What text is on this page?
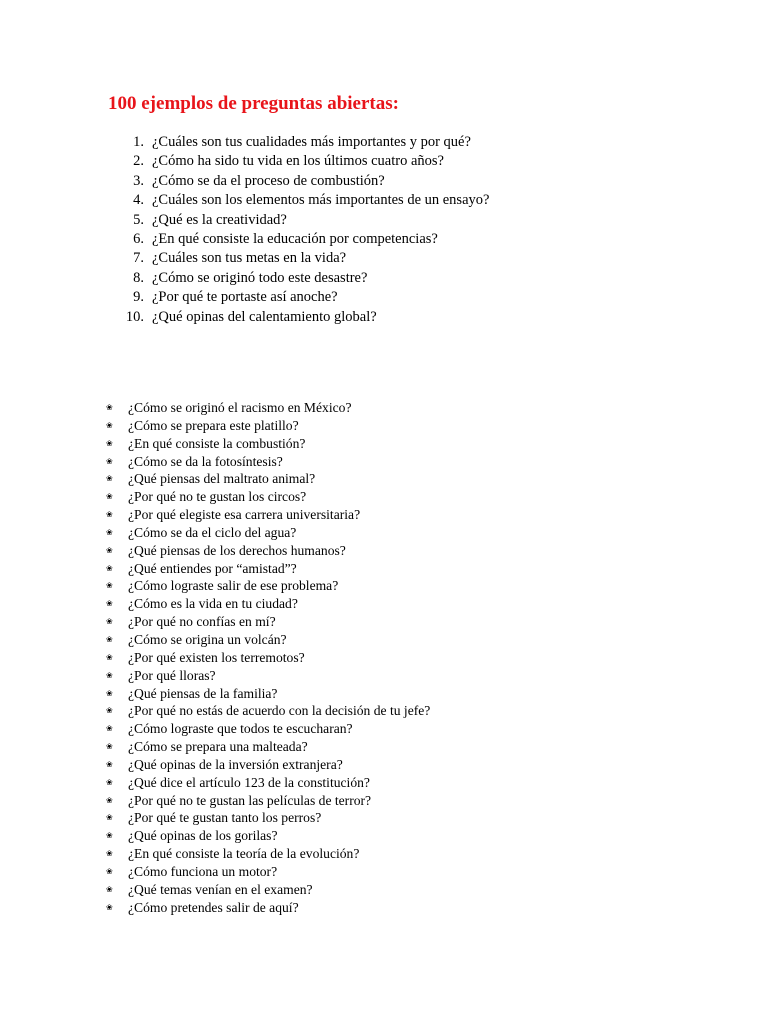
100 ejemplos de preguntas abiertas:
1. ¿Cuáles son tus cualidades más importantes y por qué?
2. ¿Cómo ha sido tu vida en los últimos cuatro años?
3. ¿Cómo se da el proceso de combustión?
4. ¿Cuáles son los elementos más importantes de un ensayo?
5. ¿Qué es la creatividad?
6. ¿En qué consiste la educación por competencias?
7. ¿Cuáles son tus metas en la vida?
8. ¿Cómo se originó todo este desastre?
9. ¿Por qué te portaste así anoche?
10. ¿Qué opinas del calentamiento global?
❀ ¿Cómo se originó el racismo en México?
❀ ¿Cómo se prepara este platillo?
❀ ¿En qué consiste la combustión?
❀ ¿Cómo se da la fotosíntesis?
❀ ¿Qué piensas del maltrato animal?
❀ ¿Por qué no te gustan los circos?
❀ ¿Por qué elegiste esa carrera universitaria?
❀ ¿Cómo se da el ciclo del agua?
❀ ¿Qué piensas de los derechos humanos?
❀ ¿Qué entiendes por “amistad”?
❀ ¿Cómo lograste salir de ese problema?
❀ ¿Cómo es la vida en tu ciudad?
❀ ¿Por qué no confías en mí?
❀ ¿Cómo se origina un volcán?
❀ ¿Por qué existen los terremotos?
❀ ¿Por qué lloras?
❀ ¿Qué piensas de la familia?
❀ ¿Por qué no estás de acuerdo con la decisión de tu jefe?
❀ ¿Cómo lograste que todos te escucharan?
❀ ¿Cómo se prepara una malteada?
❀ ¿Qué opinas de la inversión extranjera?
❀ ¿Qué dice el artículo 123 de la constitución?
❀ ¿Por qué no te gustan las películas de terror?
❀ ¿Por qué te gustan tanto los perros?
❀ ¿Qué opinas de los gorilas?
❀ ¿En qué consiste la teoría de la evolución?
❀ ¿Cómo funciona un motor?
❀ ¿Qué temas venían en el examen?
❀ ¿Cómo pretendes salir de aquí?
